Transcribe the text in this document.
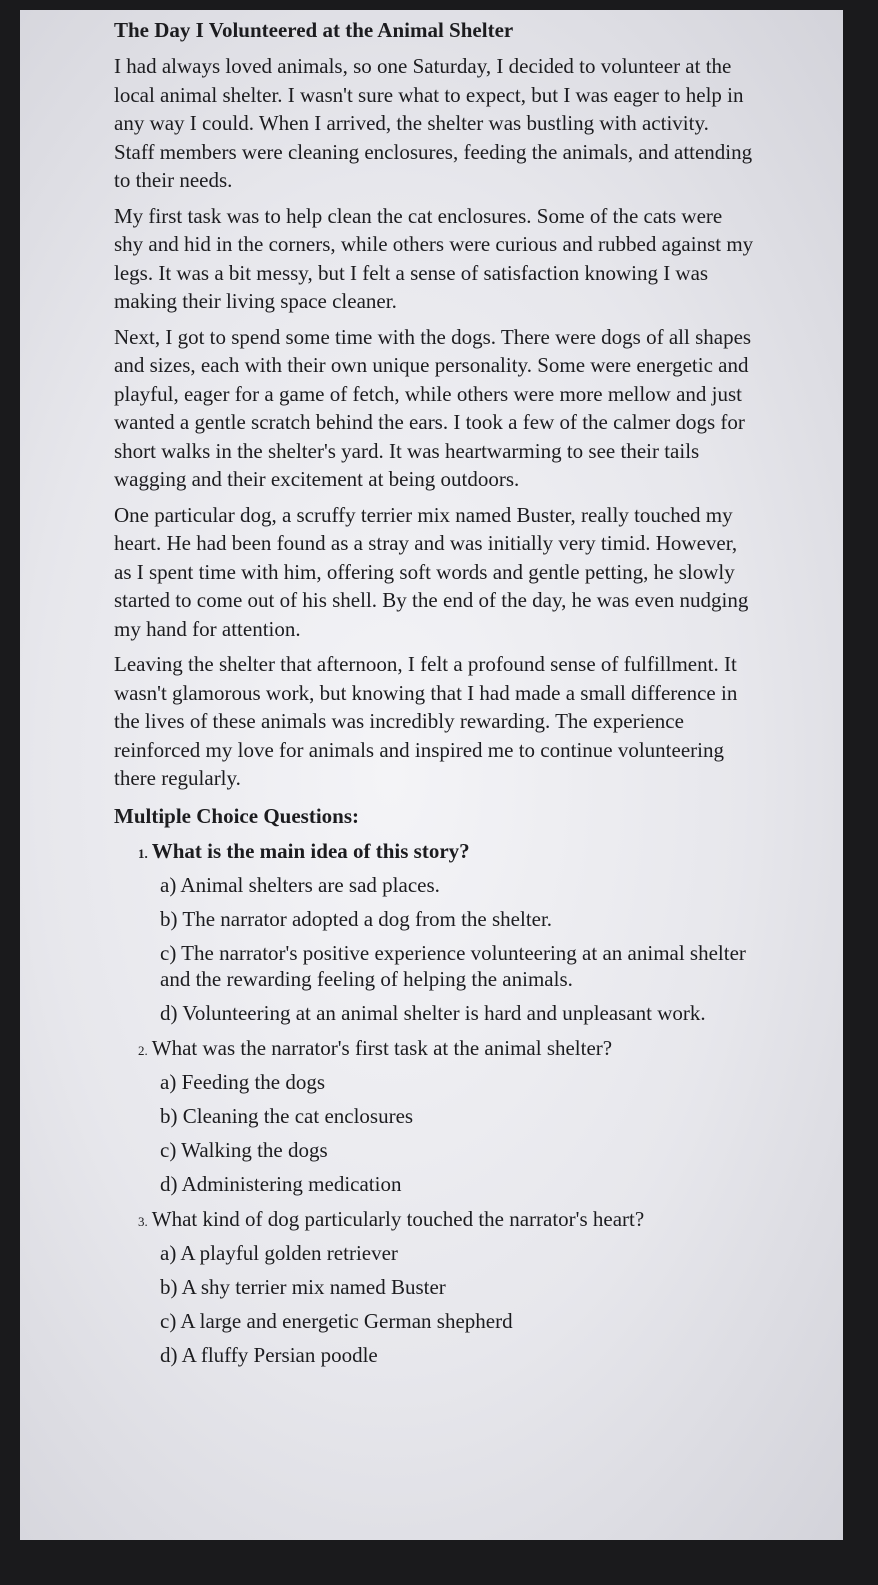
The Day I Volunteered at the Animal Shelter

I had always loved animals, so one Saturday, I decided to volunteer at the local animal shelter. I wasn't sure what to expect, but I was eager to help in any way I could. When I arrived, the shelter was bustling with activity. Staff members were cleaning enclosures, feeding the animals, and attending to their needs.

My first task was to help clean the cat enclosures. Some of the cats were shy and hid in the corners, while others were curious and rubbed against my legs. It was a bit messy, but I felt a sense of satisfaction knowing I was making their living space cleaner.

Next, I got to spend some time with the dogs. There were dogs of all shapes and sizes, each with their own unique personality. Some were energetic and playful, eager for a game of fetch, while others were more mellow and just wanted a gentle scratch behind the ears. I took a few of the calmer dogs for short walks in the shelter's yard. It was heartwarming to see their tails wagging and their excitement at being outdoors.

One particular dog, a scruffy terrier mix named Buster, really touched my heart. He had been found as a stray and was initially very timid. However, as I spent time with him, offering soft words and gentle petting, he slowly started to come out of his shell. By the end of the day, he was even nudging my hand for attention.

Leaving the shelter that afternoon, I felt a profound sense of fulfillment. It wasn't glamorous work, but knowing that I had made a small difference in the lives of these animals was incredibly rewarding. The experience reinforced my love for animals and inspired me to continue volunteering there regularly.

Multiple Choice Questions:
1. What is the main idea of this story?
a) Animal shelters are sad places.
b) The narrator adopted a dog from the shelter.
c) The narrator's positive experience volunteering at an animal shelter and the rewarding feeling of helping the animals.
d) Volunteering at an animal shelter is hard and unpleasant work.
2. What was the narrator's first task at the animal shelter?
a) Feeding the dogs
b) Cleaning the cat enclosures
c) Walking the dogs
d) Administering medication
3. What kind of dog particularly touched the narrator's heart?
a) A playful golden retriever
b) A shy terrier mix named Buster
c) A large and energetic German shepherd
d) A fluffy Persian poodle
